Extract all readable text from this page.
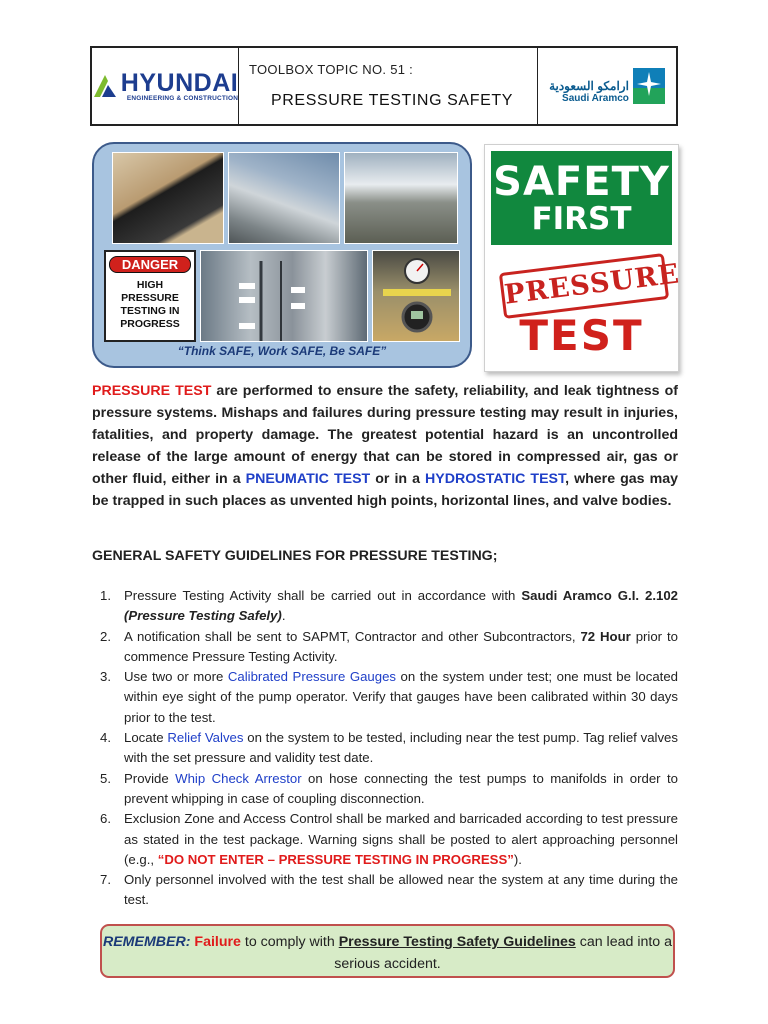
HYUNDAI
ENGINEERING & CONSTRUCTION
TOOLBOX TOPIC NO. 51 :
PRESSURE TESTING SAFETY
ارامكو السعودية
Saudi Aramco
DANGER
HIGH PRESSURE TESTING IN PROGRESS
“Think SAFE, Work SAFE, Be SAFE”
SAFETY
FIRST
PRESSURE
TEST

PRESSURE TEST are performed to ensure the safety, reliability, and leak tightness of pressure systems. Mishaps and failures during pressure testing may result in injuries, fatalities, and property damage. The greatest potential hazard is an uncontrolled release of the large amount of energy that can be stored in compressed air, gas or other fluid, either in a PNEUMATIC TEST or in a HYDROSTATIC TEST, where gas may be trapped in such places as unvented high points, horizontal lines, and valve bodies.

GENERAL SAFETY GUIDELINES FOR PRESSURE TESTING;
1. Pressure Testing Activity shall be carried out in accordance with Saudi Aramco G.I. 2.102 (Pressure Testing Safely).
2. A notification shall be sent to SAPMT, Contractor and other Subcontractors, 72 Hour prior to commence Pressure Testing Activity.
3. Use two or more Calibrated Pressure Gauges on the system under test; one must be located within eye sight of the pump operator. Verify that gauges have been calibrated within 30 days prior to the test.
4. Locate Relief Valves on the system to be tested, including near the test pump. Tag relief valves with the set pressure and validity test date.
5. Provide Whip Check Arrestor on hose connecting the test pumps to manifolds in order to prevent whipping in case of coupling disconnection.
6. Exclusion Zone and Access Control shall be marked and barricaded according to test pressure as stated in the test package. Warning signs shall be posted to alert approaching personnel (e.g., “DO NOT ENTER – PRESSURE TESTING IN PROGRESS”).
7. Only personnel involved with the test shall be allowed near the system at any time during the test.
REMEMBER: Failure to comply with Pressure Testing Safety Guidelines can lead into a serious accident.
